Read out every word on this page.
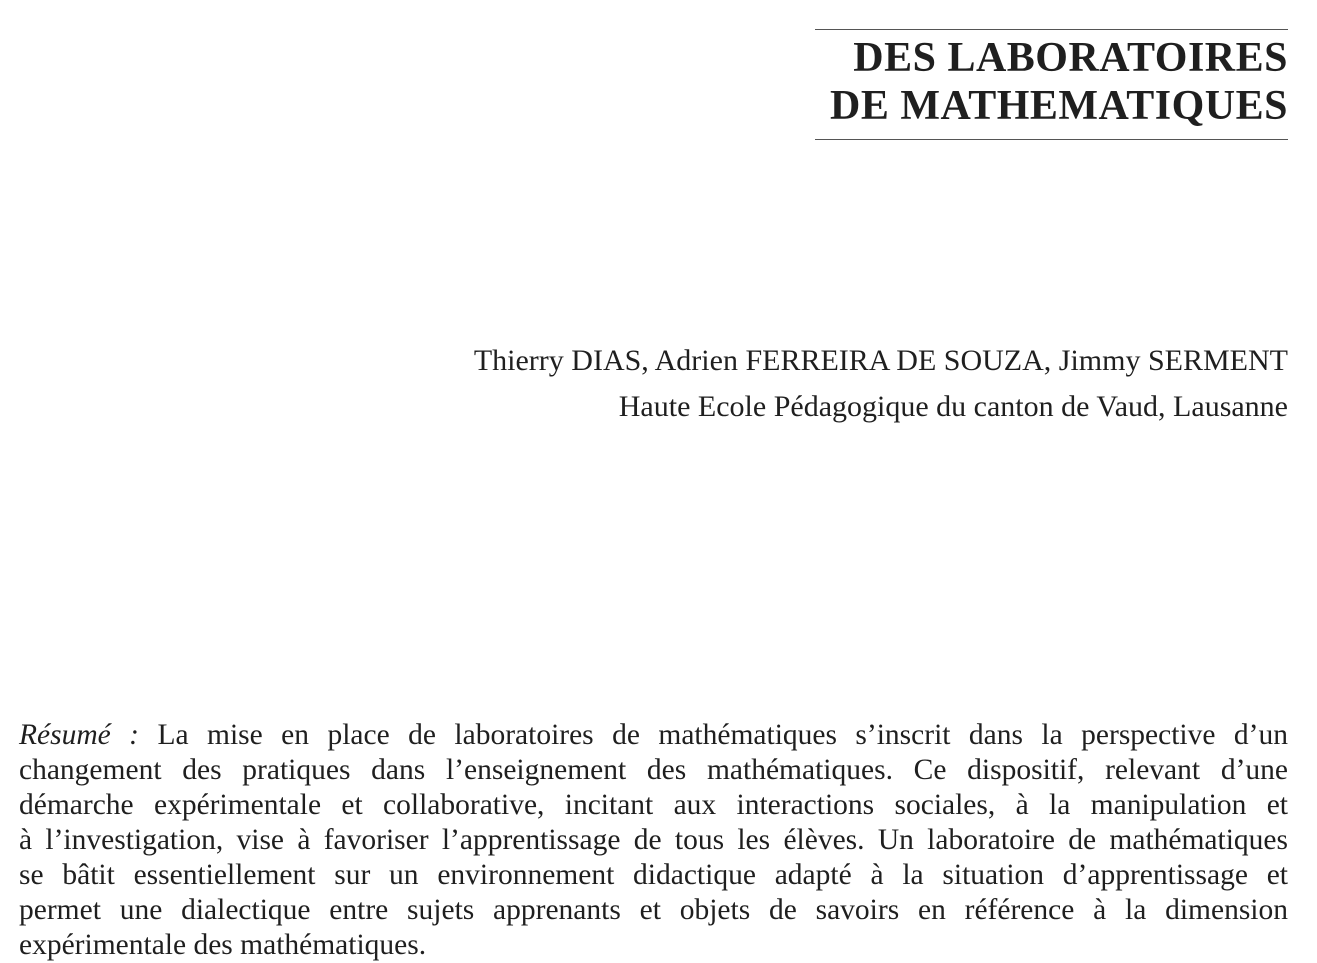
DES LABORATOIRES
DE MATHEMATIQUES
Thierry DIAS, Adrien FERREIRA DE SOUZA, Jimmy SERMENT
Haute Ecole Pédagogique du canton de Vaud, Lausanne
Résumé : La mise en place de laboratoires de mathématiques s’inscrit dans la perspective d’un
changement des pratiques dans l’enseignement des mathématiques. Ce dispositif, relevant d’une
démarche expérimentale et collaborative, incitant aux interactions sociales, à la manipulation et
à l’investigation, vise à favoriser l’apprentissage de tous les élèves. Un laboratoire de mathématiques
se bâtit essentiellement sur un environnement didactique adapté à la situation d’apprentissage et
permet une dialectique entre sujets apprenants et objets de savoirs en référence à la dimension
expérimentale des mathématiques.
